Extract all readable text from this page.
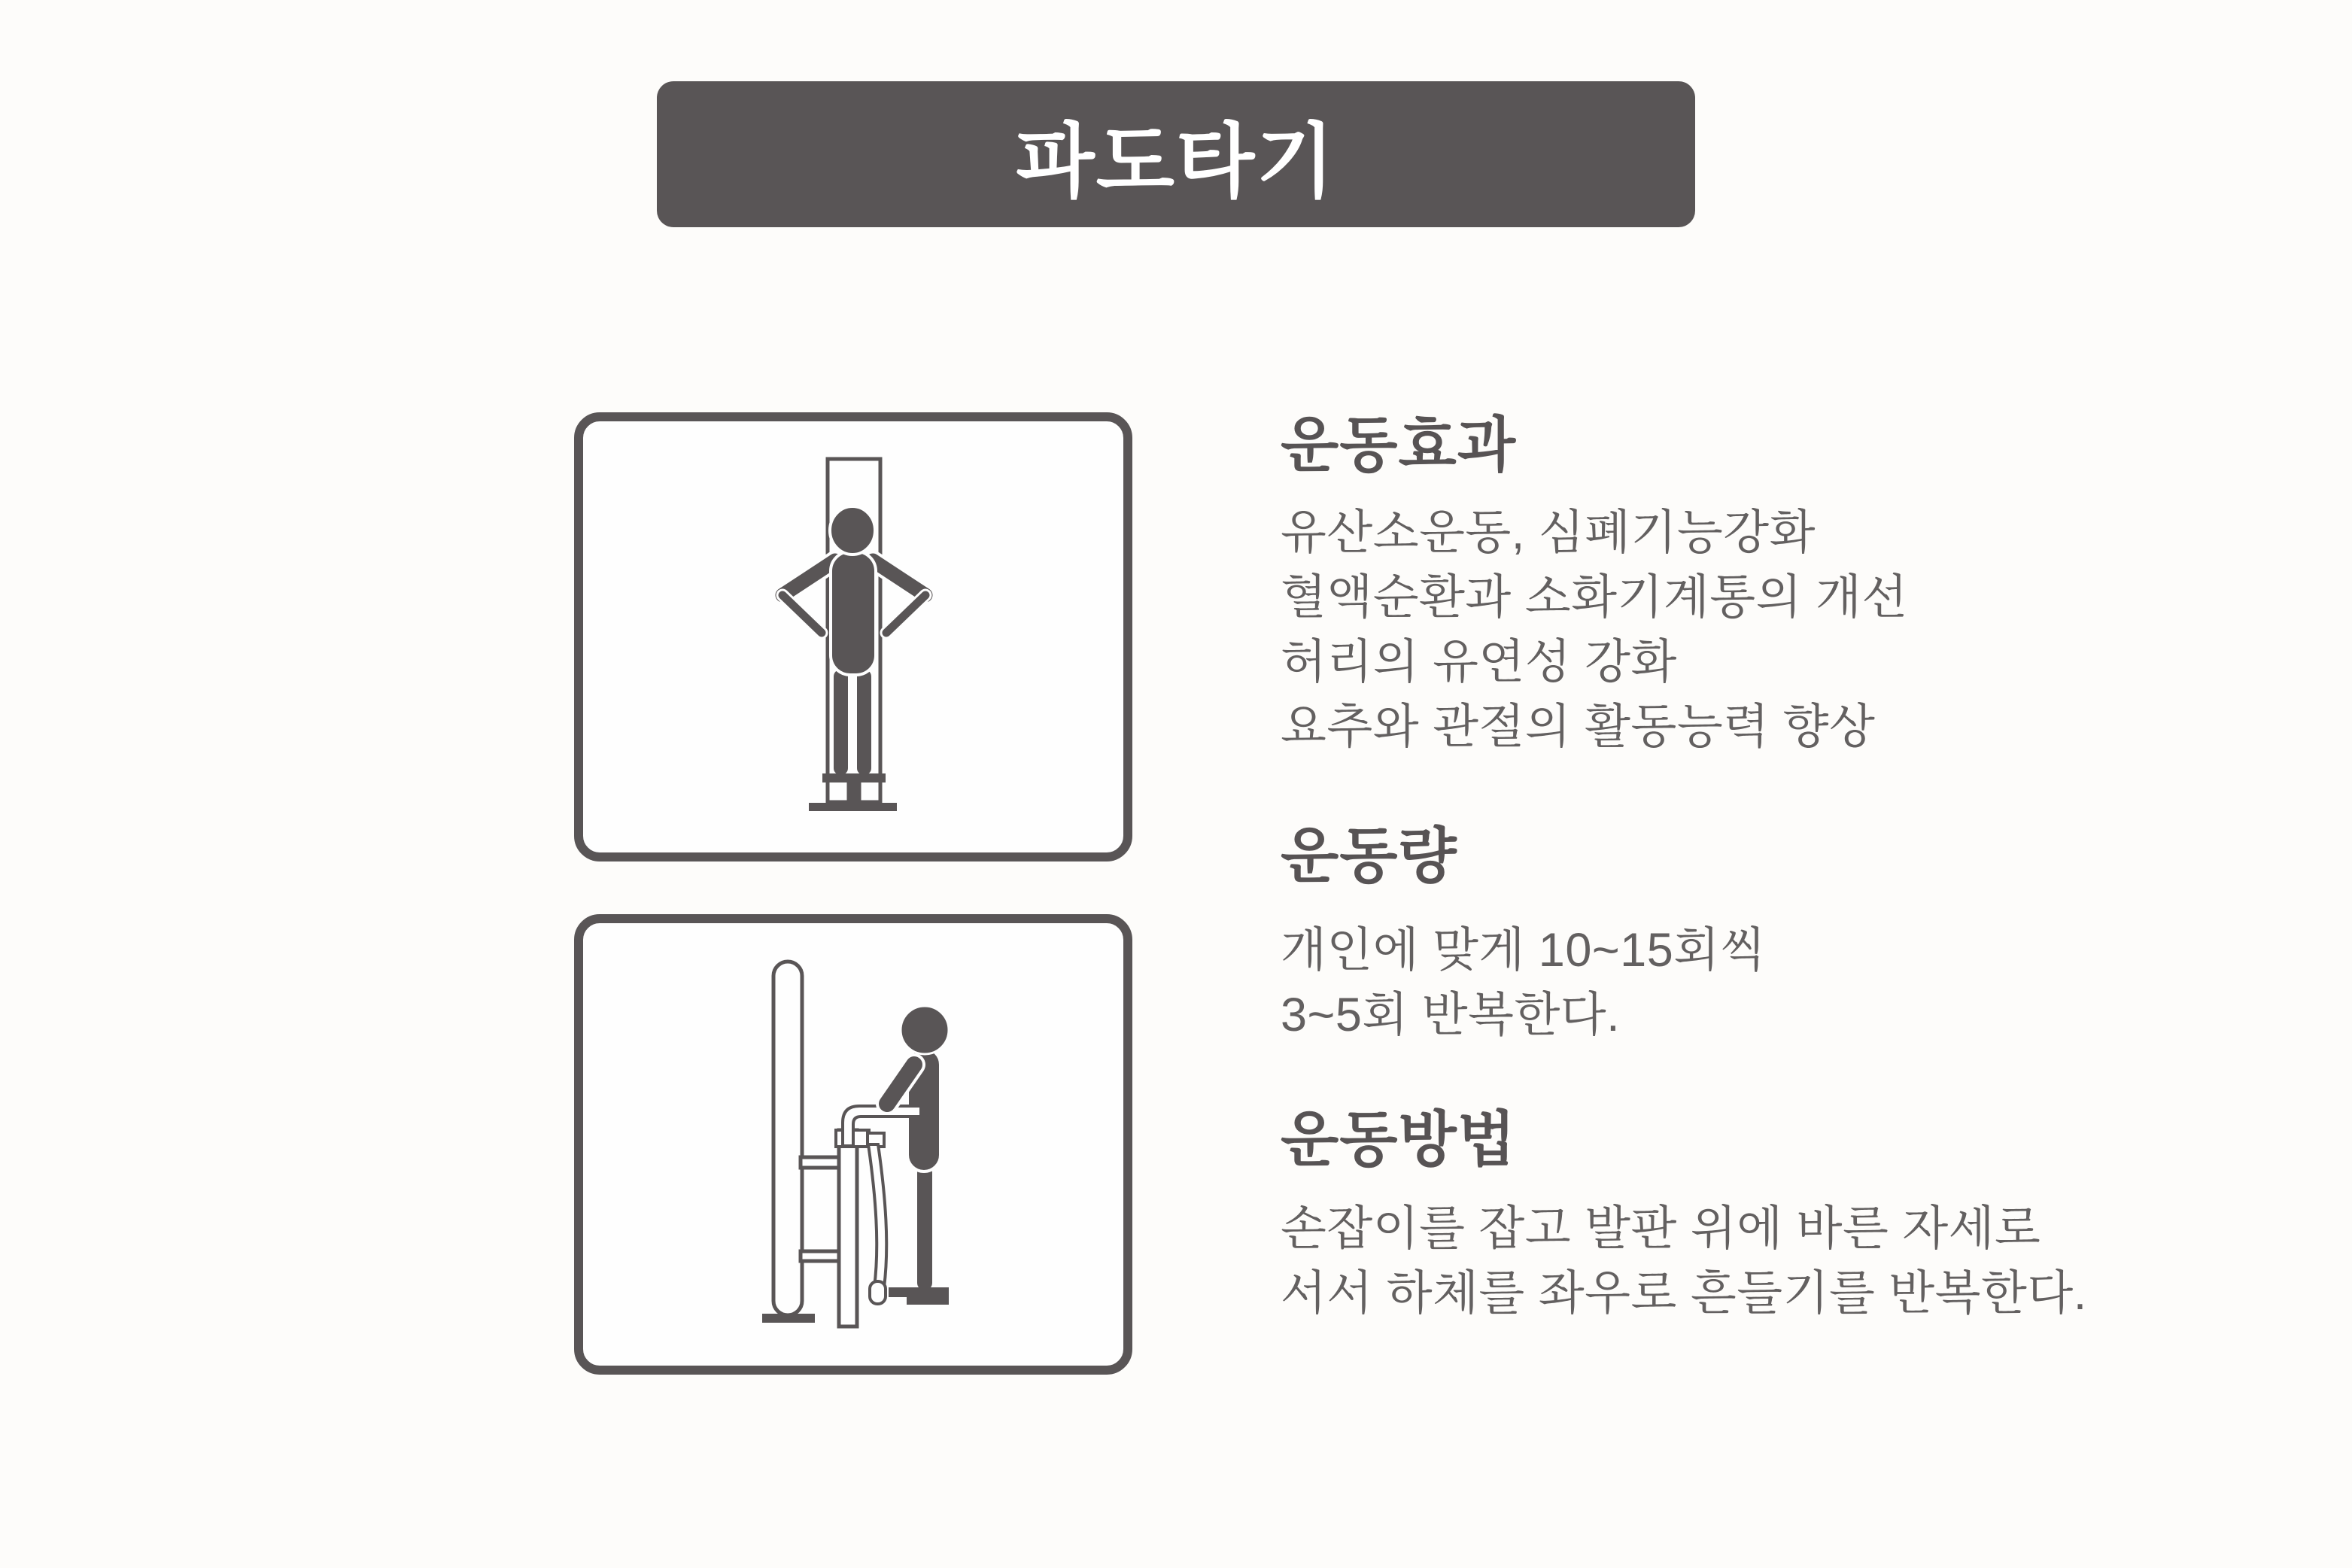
파도타기
운동효과
유산소운동, 심폐기능강화
혈액순환과 소화기계통의 개선
허리의 유연성 강화
요추와 관절의 활동능력 향상
운동량
개인에 맞게 10~15회씩
3~5회 반복한다.
운동방법
손잡이를 잡고 발판 위에 바른 자세로
서서 하체를 좌우로 흔들기를 반복한다.
